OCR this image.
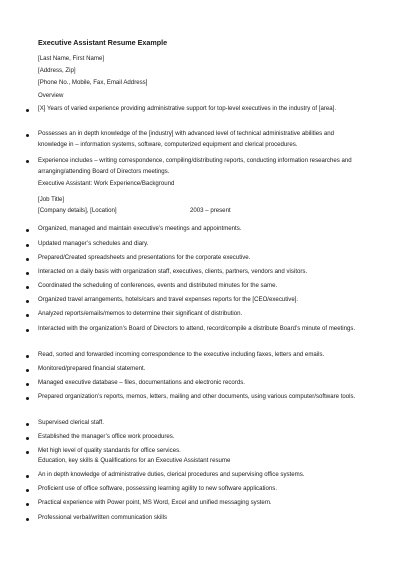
Executive Assistant Resume Example
[Last Name, First Name]
[Address, Zip]
[Phone No., Mobile, Fax, Email Address]
Overview
[X] Years of varied experience providing administrative support for top-level executives in the industry of [area].
Possesses an in depth knowledge of the [industry] with advanced level of technical administrative abilities and knowledge in – information systems, software, computerized equipment and clerical procedures.
Experience includes – writing correspondence, compiling/distributing reports, conducting information researches and arranging/attending Board of Directors meetings.
Executive Assistant: Work Experience/Background
[Job Title]
[Company details], [Location]	2003 – present
Organized, managed and maintain executive’s meetings and appointments.
Updated manager’s schedules and diary.
Prepared/Created spreadsheets and presentations for the corporate executive.
Interacted on a daily basis with organization staff, executives, clients, partners, vendors and visitors.
Coordinated the scheduling of conferences, events and distributed minutes for the same.
Organized travel arrangements, hotels/cars and travel expenses reports for the [CEO/executive].
Analyzed reports/emails/memos to determine their significant of distribution.
Interacted with the organization’s Board of Directors to attend, record/compile a distribute Board’s minute of meetings.
Read, sorted and forwarded incoming correspondence to the executive including faxes, letters and emails.
Monitored/prepared financial statement.
Managed executive database – files, documentations and electronic records.
Prepared organization’s reports, memos, letters, mailing and other documents, using various computer/software tools.
Supervised clerical staff.
Established the manager’s office work procedures.
Met high level of quality standards for office services.
Education, key skills & Qualifications for an Executive Assistant resume
An in depth knowledge of administrative duties, clerical procedures and supervising office systems.
Proficient use of office software, possessing learning agility to new software applications.
Practical experience with Power point, MS Word, Excel and unified messaging system.
Professional verbal/written communication skills
